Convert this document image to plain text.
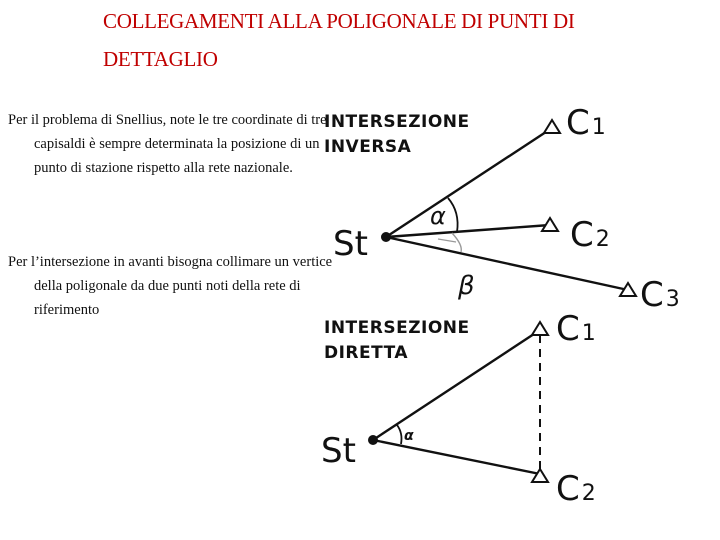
COLLEGAMENTI ALLA POLIGONALE DI PUNTI DI
DETTAGLIO
Per il problema di Snellius, note le tre coordinate di tre capisaldi è sempre determinata la posizione di un punto di stazione rispetto alla rete nazionale.
Per l’intersezione in avanti bisogna collimare un vertice della poligonale da due punti noti della rete di riferimento
INTERSEZIONE
INVERSA
St
C1
C2
C3
α
β
INTERSEZIONE
DIRETTA
St
C1
C2
α
